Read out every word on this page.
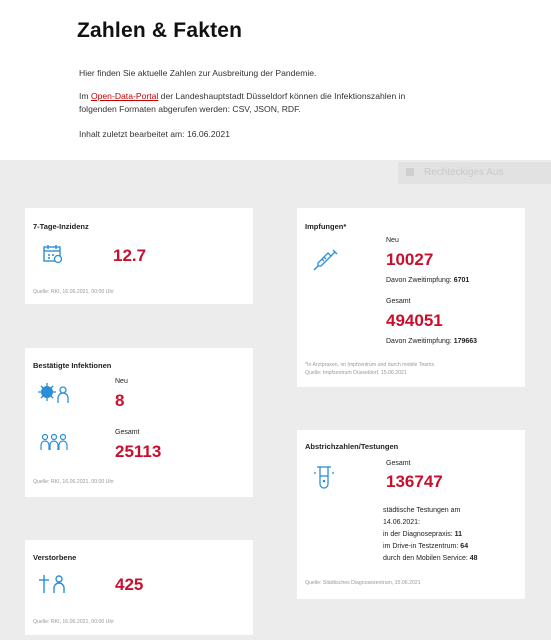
Zahlen & Fakten
Hier finden Sie aktuelle Zahlen zur Ausbreitung der Pandemie.
Im Open-Data-Portal der Landeshauptstadt Düsseldorf können die Infektionszahlen in
folgenden Formaten abgerufen werden: CSV, JSON, RDF.
Inhalt zuletzt bearbeitet am: 16.06.2021
Rechteckiges Aus
7-Tage-Inzidenz
12.7
Quelle: RKI, 16.06.2021, 00:00 Uhr
Bestätigte Infektionen
Neu
8
Gesamt
25113
Quelle: RKI, 16.06.2021, 00:00 Uhr
Verstorbene
425
Quelle: RKI, 16.06.2021, 00:00 Uhr
Impfungen*
Neu
10027
Davon Zweitimpfung: 6701
Gesamt
494051
Davon Zweitimpfung: 179663
*In Arztpraxen, im Impfzentrum und durch mobile Teams
Quelle: Impfzentrum Düsseldorf, 15.06.2021
Abstrichzahlen/Testungen
Gesamt
136747
städtische Testungen am
14.06.2021:
in der Diagnosepraxis: 11
im Drive-in Testzentrum: 64
durch den Mobilen Service: 48
Quelle: Städtisches Diagnosezentrum, 15.06.2021
